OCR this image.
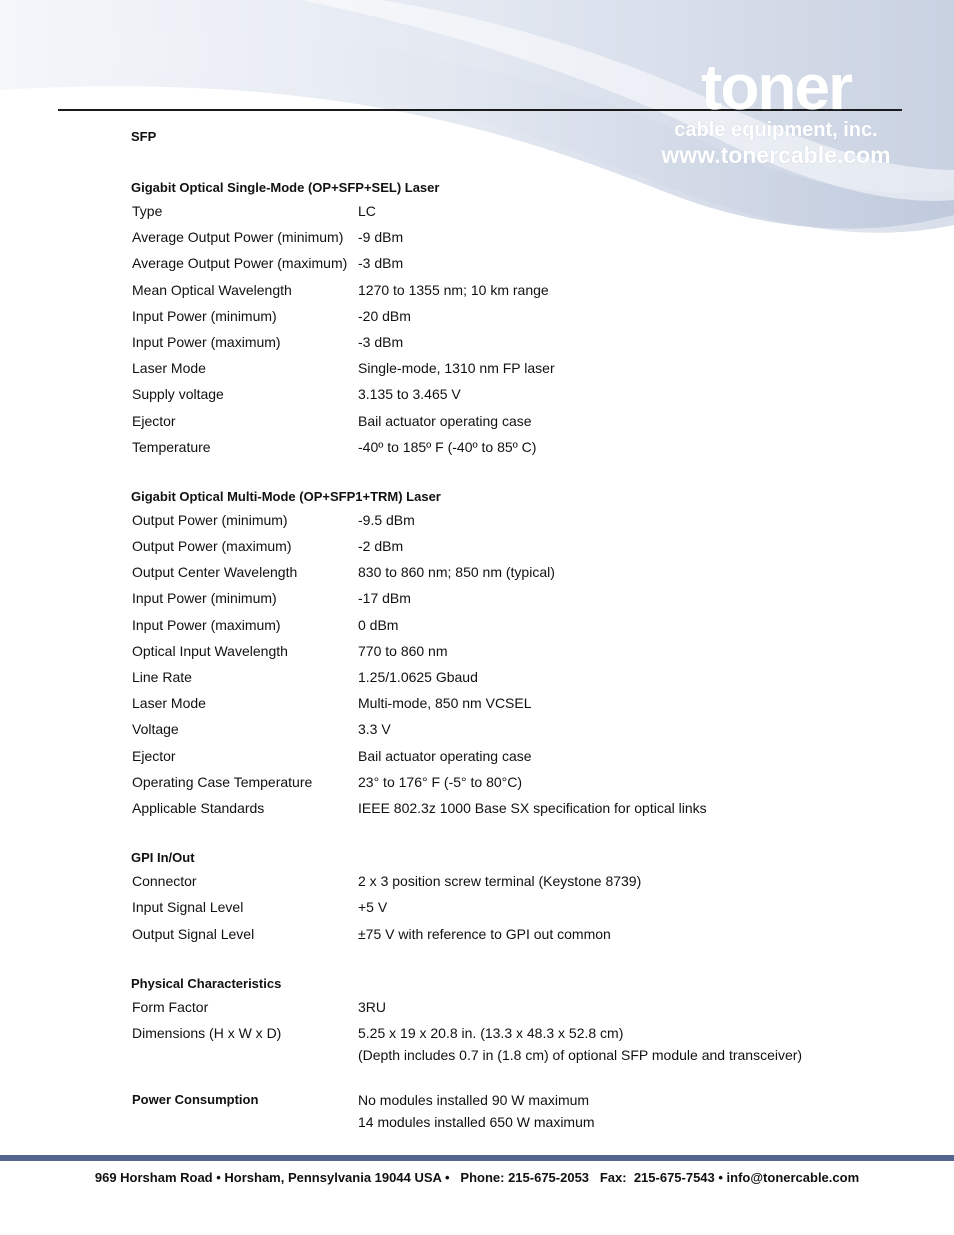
toner
cable equipment, inc.
www.tonercable.com
SFP
Gigabit Optical Single-Mode (OP+SFP+SEL) Laser
Type	LC
Average Output Power (minimum)	-9 dBm
Average Output Power (maximum) -3 dBm
Mean Optical Wavelength	1270 to 1355 nm; 10 km range
Input Power (minimum)	-20 dBm
Input Power (maximum)	-3 dBm
Laser Mode	Single-mode, 1310 nm FP laser
Supply voltage	3.135 to 3.465 V
Ejector	Bail actuator operating case
Temperature	-40º to 185º F (-40º to 85º C)
Gigabit Optical Multi-Mode (OP+SFP1+TRM) Laser
Output Power (minimum)	-9.5 dBm
Output Power (maximum)	-2 dBm
Output Center Wavelength	830 to 860 nm; 850 nm (typical)
Input Power (minimum)	-17 dBm
Input Power (maximum)	0 dBm
Optical Input Wavelength	770 to 860 nm
Line Rate	1.25/1.0625 Gbaud
Laser Mode	Multi-mode, 850 nm VCSEL
Voltage	3.3 V
Ejector	Bail actuator operating case
Operating Case Temperature	23° to 176° F (-5° to 80°C)
Applicable Standards	IEEE 802.3z 1000 Base SX specification for optical links
GPI In/Out
Connector	2 x 3 position screw terminal (Keystone 8739)
Input Signal Level	+5 V
Output Signal Level	±75 V with reference to GPI out common
Physical Characteristics
Form Factor	3RU
Dimensions (H x W x D)	5.25 x 19 x 20.8 in. (13.3 x 48.3 x 52.8 cm)
(Depth includes 0.7 in (1.8 cm) of optional SFP module and transceiver)
Power Consumption	No modules installed 90 W maximum
14 modules installed 650 W maximum
969 Horsham Road • Horsham, Pennsylvania 19044 USA •   Phone: 215-675-2053   Fax:  215-675-7543 • info@tonercable.com
